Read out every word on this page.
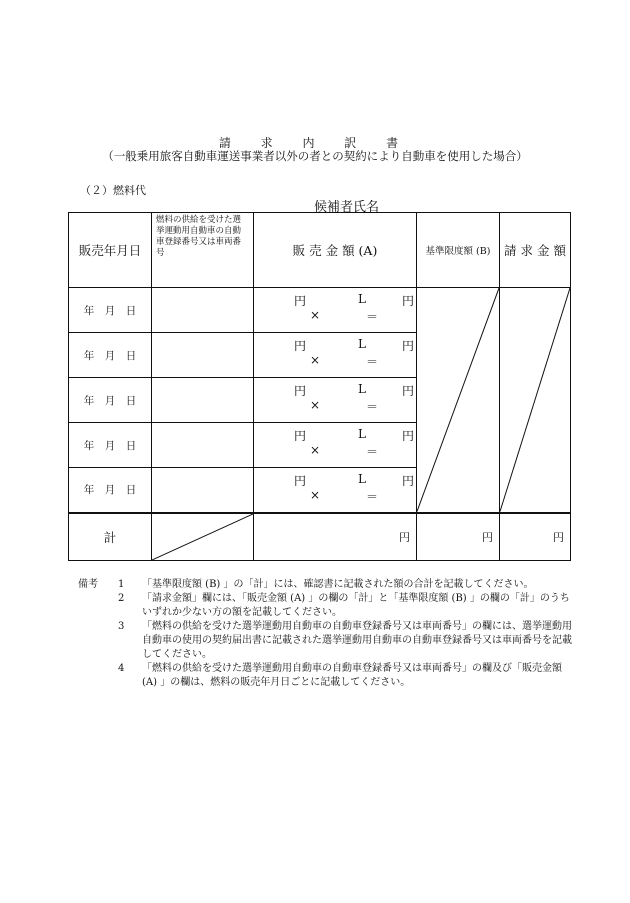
請 求 内 訳 書
（一般乗用旅客自動車運送事業者以外の者との契約により自動車を使用した場合）
（２）燃料代
候補者氏名
販売年月日	燃料の供給を受けた選挙運動用自動車の自動車登録番号又は車両番号	販 売 金 額 (A)	基準限度額 (B)	請 求 金 額
年　月　日		円 L 円
× ＝

年　月　日		円 L 円
× ＝		

年　月　日		円 L 円
× ＝		

年　月　日		円 L 円
× ＝		

年　月　日		円 L 円
× ＝		

計		円	円	円
備考	1	「基準限度額 (B) 」の「計」には、確認書に記載された額の合計を記載してください。
2	「請求金額」欄には、「販売金額 (A) 」の欄の「計」と「基準限度額 (B) 」の欄の「計」のうちいずれか少ない方の額を記載してください。
3	「燃料の供給を受けた選挙運動用自動車の自動車登録番号又は車両番号」の欄には、選挙運動用自動車の使用の契約届出書に記載された選挙運動用自動車の自動車登録番号又は車両番号を記載してください。
4	「燃料の供給を受けた選挙運動用自動車の自動車登録番号又は車両番号」の欄及び「販売金額 (A) 」の欄は、燃料の販売年月日ごとに記載してください。
